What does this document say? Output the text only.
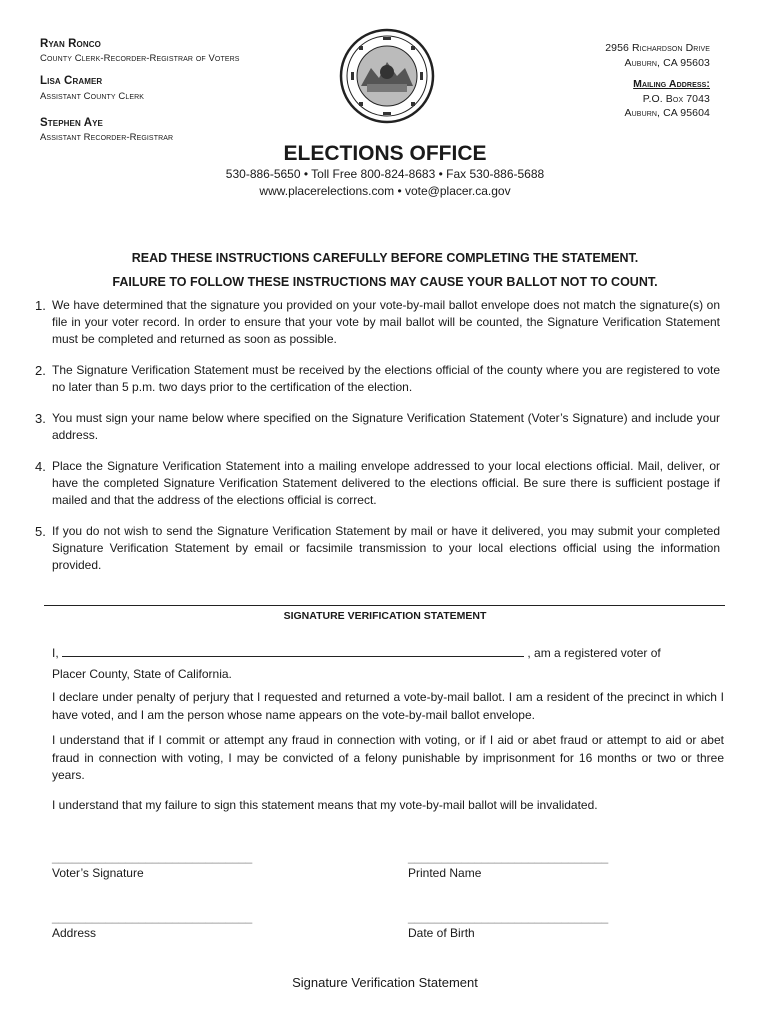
Ryan Ronco
County Clerk-Recorder-Registrar of Voters
Lisa Cramer
Assistant County Clerk
Stephen Aye
Assistant Recorder-Registrar
2956 Richardson Drive
Auburn, CA 95603
Mailing Address:
P.O. Box 7043
Auburn, CA 95604
ELECTIONS OFFICE
530-886-5650 • Toll Free 800-824-8683 • Fax 530-886-5688
www.placerelections.com • vote@placer.ca.gov
READ THESE INSTRUCTIONS CAREFULLY BEFORE COMPLETING THE STATEMENT.
FAILURE TO FOLLOW THESE INSTRUCTIONS MAY CAUSE YOUR BALLOT NOT TO COUNT.
1. We have determined that the signature you provided on your vote-by-mail ballot envelope does not match the signature(s) on file in your voter record. In order to ensure that your vote by mail ballot will be counted, the Signature Verification Statement must be completed and returned as soon as possible.
2. The Signature Verification Statement must be received by the elections official of the county where you are registered to vote no later than 5 p.m. two days prior to the certification of the election.
3. You must sign your name below where specified on the Signature Verification Statement (Voter’s Signature) and include your address.
4. Place the Signature Verification Statement into a mailing envelope addressed to your local elections official. Mail, deliver, or have the completed Signature Verification Statement delivered to the elections official. Be sure there is sufficient postage if mailed and that the address of the elections official is correct.
5. If you do not wish to send the Signature Verification Statement by mail or have it delivered, you may submit your completed Signature Verification Statement by email or facsimile transmission to your local elections official using the information provided.
SIGNATURE VERIFICATION STATEMENT
I,	, am a registered voter of
Placer County, State of California.
I declare under penalty of perjury that I requested and returned a vote-by-mail ballot. I am a resident of the precinct in which I have voted, and I am the person whose name appears on the vote-by-mail ballot envelope.
I understand that if I commit or attempt any fraud in connection with voting, or if I aid or abet fraud or attempt to aid or abet fraud in connection with voting, I may be convicted of a felony punishable by imprisonment for 16 months or two or three years.
I understand that my failure to sign this statement means that my vote-by-mail ballot will be invalidated.
______________________________
Voter’s Signature
______________________________
Printed Name
______________________________
Address
______________________________
Date of Birth
Signature Verification Statement
